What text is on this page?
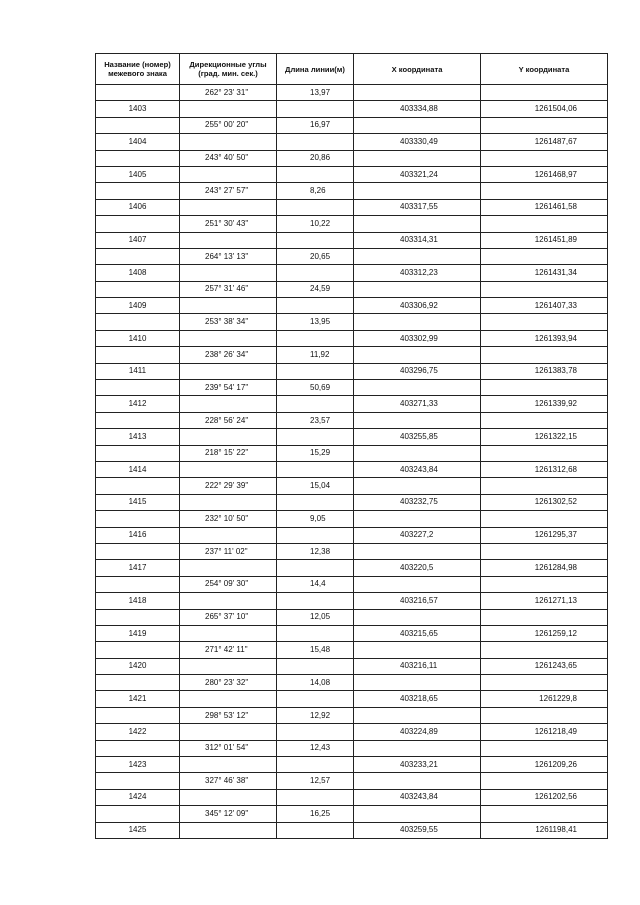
Название (номер) межевого знака	Дирекционные углы (град. мин. сек.)	Длина линии(м)	X координата	Y координата
	262° 23' 31"	13,97		
1403			403334,88	1261504,06
	255° 00' 20"	16,97		
1404			403330,49	1261487,67
	243° 40' 50"	20,86		
1405			403321,24	1261468,97
	243° 27' 57"	8,26		
1406			403317,55	1261461,58
	251° 30' 43"	10,22		
1407			403314,31	1261451,89
	264° 13' 13"	20,65		
1408			403312,23	1261431,34
	257° 31' 46"	24,59		
1409			403306,92	1261407,33
	253° 38' 34"	13,95		
1410			403302,99	1261393,94
	238° 26' 34"	11,92		
1411			403296,75	1261383,78
	239° 54' 17"	50,69		
1412			403271,33	1261339,92
	228° 56' 24"	23,57		
1413			403255,85	1261322,15
	218° 15' 22"	15,29		
1414			403243,84	1261312,68
	222° 29' 39"	15,04		
1415			403232,75	1261302,52
	232° 10' 50"	9,05		
1416			403227,2	1261295,37
	237° 11' 02"	12,38		
1417			403220,5	1261284,98
	254° 09' 30"	14,4		
1418			403216,57	1261271,13
	265° 37' 10"	12,05		
1419			403215,65	1261259,12
	271° 42' 11"	15,48		
1420			403216,11	1261243,65
	280° 23' 32"	14,08		
1421			403218,65	1261229,8
	298° 53' 12"	12,92		
1422			403224,89	1261218,49
	312° 01' 54"	12,43		
1423			403233,21	1261209,26
	327° 46' 38"	12,57		
1424			403243,84	1261202,56
	345° 12' 09"	16,25		
1425			403259,55	1261198,41
